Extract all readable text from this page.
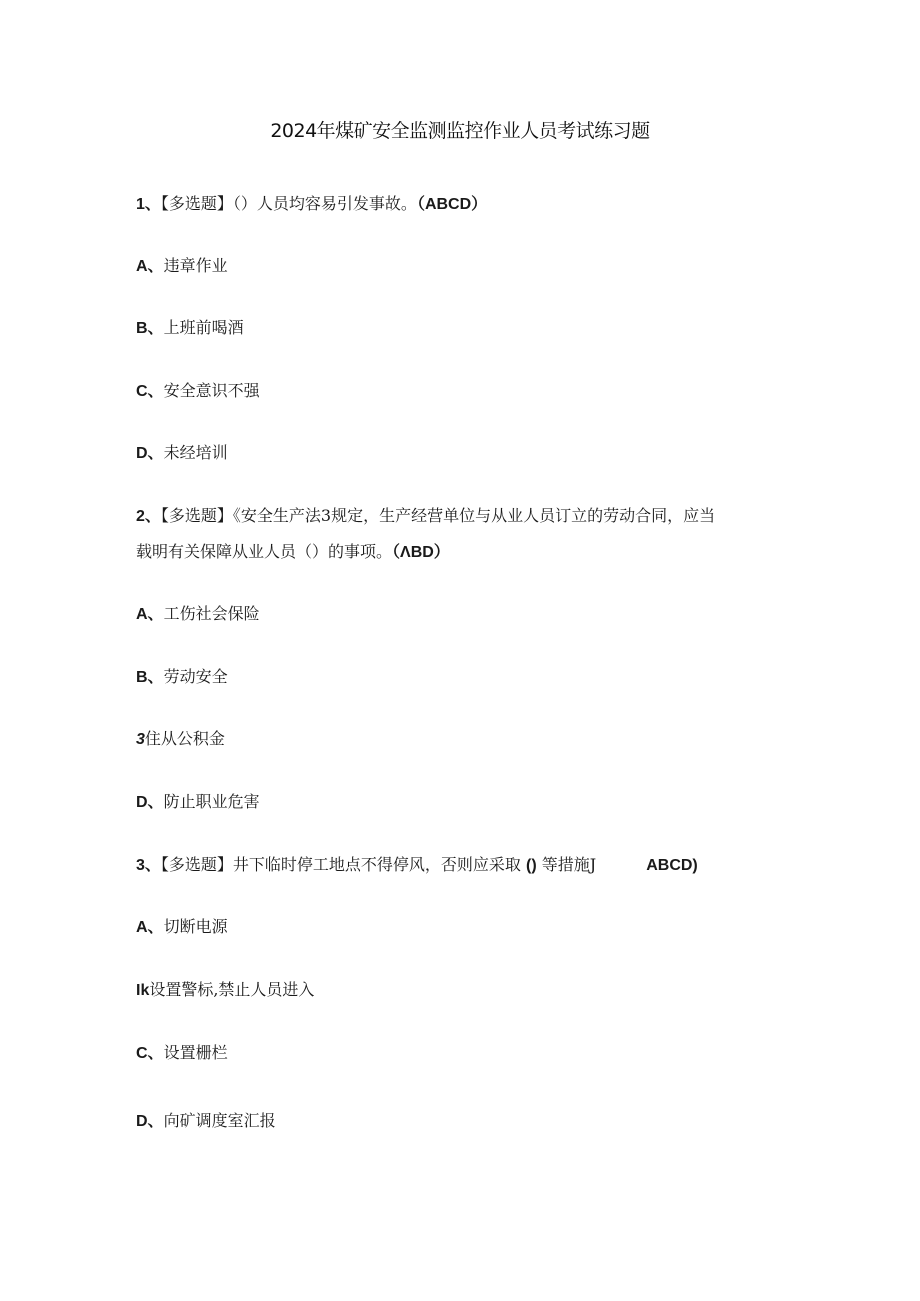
2024年煤矿安全监测监控作业人员考试练习题
1、【多选题】（）人员均容易引发事故。（ABCD）
A、违章作业
B、上班前喝酒
C、安全意识不强
D、未经培训
2、【多选题】《安全生产法3规定，生产经营单位与从业人员订立的劳动合同，应当
载明有关保障从业人员（）的事项。（ΛBD）
A、工伤社会保险
B、劳动安全
3住从公积金
D、防止职业危害
3、【多选题】井下临时停工地点不得停风，否则应采取 () 等措施J	ABCD)
A、切断电源
Ik设置警标,禁止人员进入
C、设置栅栏
D、向矿调度室汇报
